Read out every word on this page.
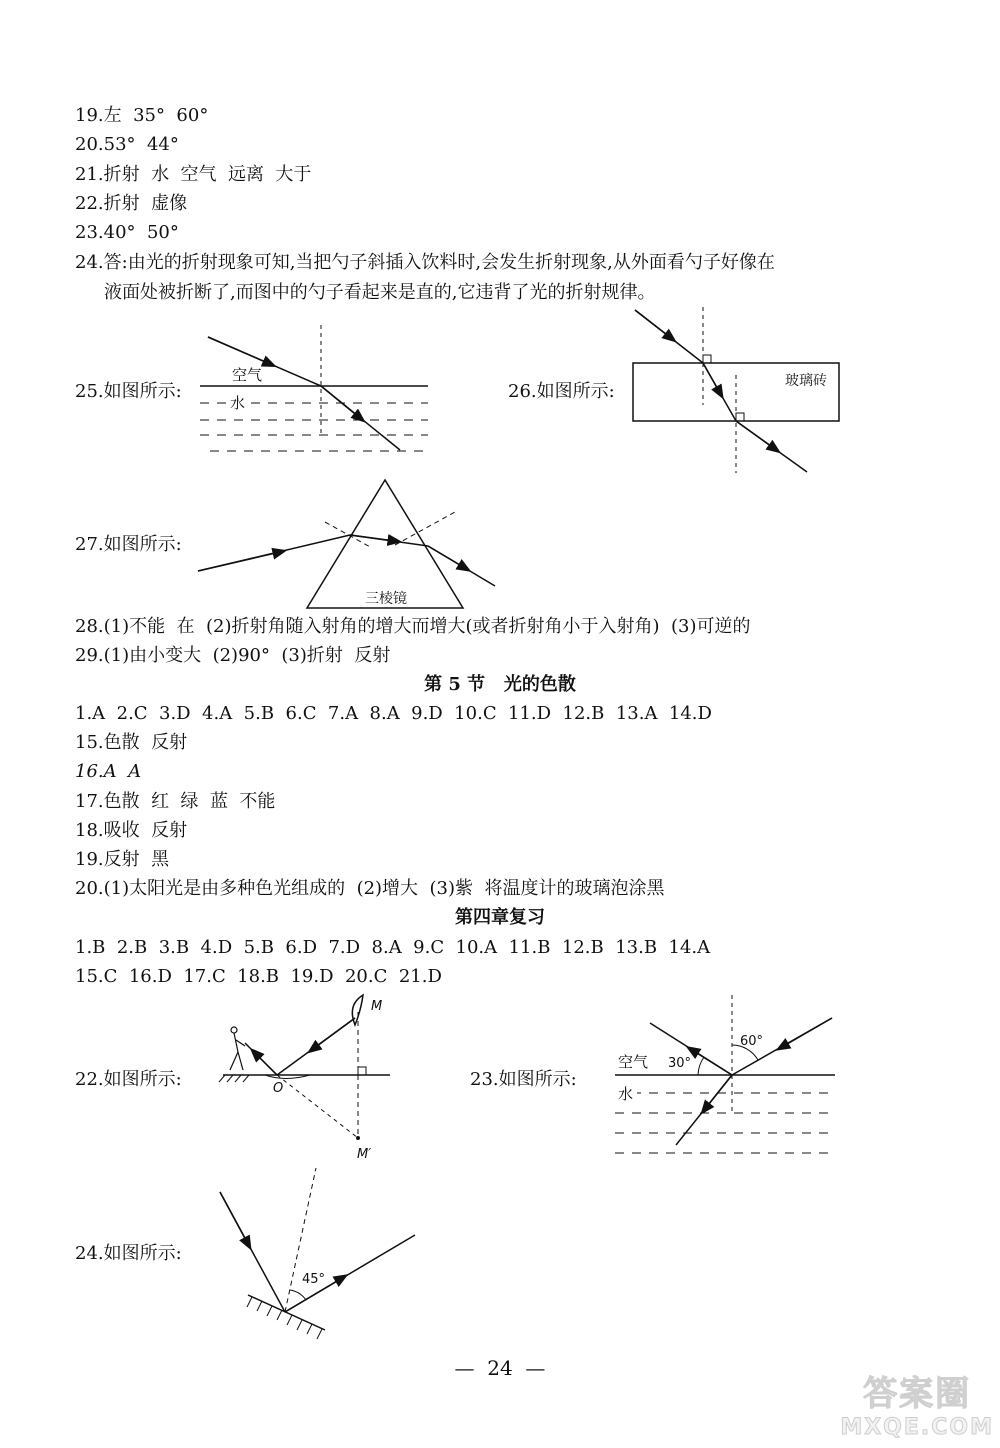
19.左  35°  60°
20.53°  44°
21.折射  水  空气  远离  大于
22.折射  虚像
23.40°  50°
24.答:由光的折射现象可知,当把勺子斜插入饮料时,会发生折射现象,从外面看勺子好像在
液面处被折断了,而图中的勺子看起来是直的,它违背了光的折射规律。
25.如图所示:
空气
水
26.如图所示:	玻璃砖
27.如图所示:
三棱镜
28.(1)不能  在  (2)折射角随入射角的增大而增大(或者折射角小于入射角)  (3)可逆的
29.(1)由小变大  (2)90°  (3)折射  反射
第 5 节   光的色散
1.A  2.C  3.D  4.A  5.B  6.C  7.A  8.A  9.D  10.C  11.D  12.B  13.A  14.D
15.色散  反射
16.A  A
17.色散  红  绿  蓝  不能
18.吸收  反射
19.反射  黑
20.(1)太阳光是由多种色光组成的  (2)增大  (3)紫  将温度计的玻璃泡涂黑
第四章复习
1.B  2.B  3.B  4.D  5.B  6.D  7.D  8.A  9.C  10.A  11.B  12.B  13.B  14.A
15.C  16.D  17.C  18.B  19.D  20.C  21.D
22.如图所示:
M
O
M′
23.如图所示:
空气
水
30°
60°
24.如图所示:
45°
—  24  —
答案圈
MXQE.COM
